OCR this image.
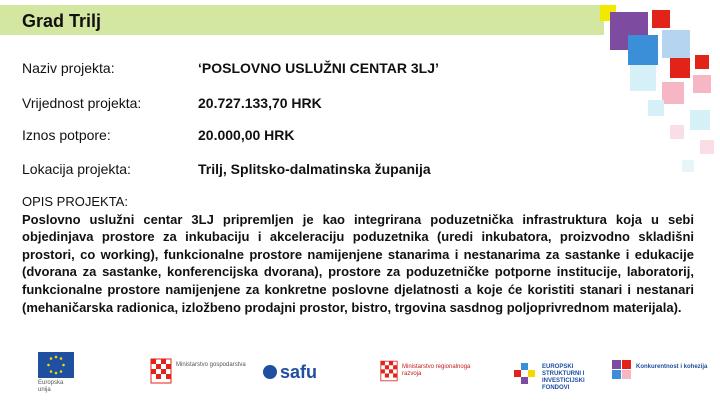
Grad Trilj
Naziv projekta:	‘POSLOVNO USLUŽNI CENTAR 3LJ’
Vrijednost projekta:	20.727.133,70 HRK
Iznos potpore:	20.000,00 HRK
Lokacija projekta:	Trilj, Splitsko-dalmatinska županija
OPIS PROJEKTA:
Poslovno uslužni centar 3LJ pripremljen je kao integrirana poduzetnička infrastruktura koja u sebi objedinjava prostore za inkubaciju i akceleraciju poduzetnika (uredi inkubatora, proizvodno skladišni prostori, co working), funkcionalne prostore namijenjene stanarima i nestanarima za sastanke i edukacije (dvorana za sastanke, konferencijska dvorana), prostore za poduzetničke potporne institucije, laboratorij, funkcionalne prostore namijenjene za konkretne poslovne djelatnosti a koje će koristiti stanari i nestanari (mehaničarska radionica, izložbeno prodajni prostor, bistro, trgovina sasdnog poljoprivrednom materijala).
Europska unija
Ministarstvo gospodarstva safu	Ministarstvo regionalnoga razvoja
EUROPSKI STRUKTURNI I INVESTICIJSKI FONDOVI
Konkurentnost i kohezija
